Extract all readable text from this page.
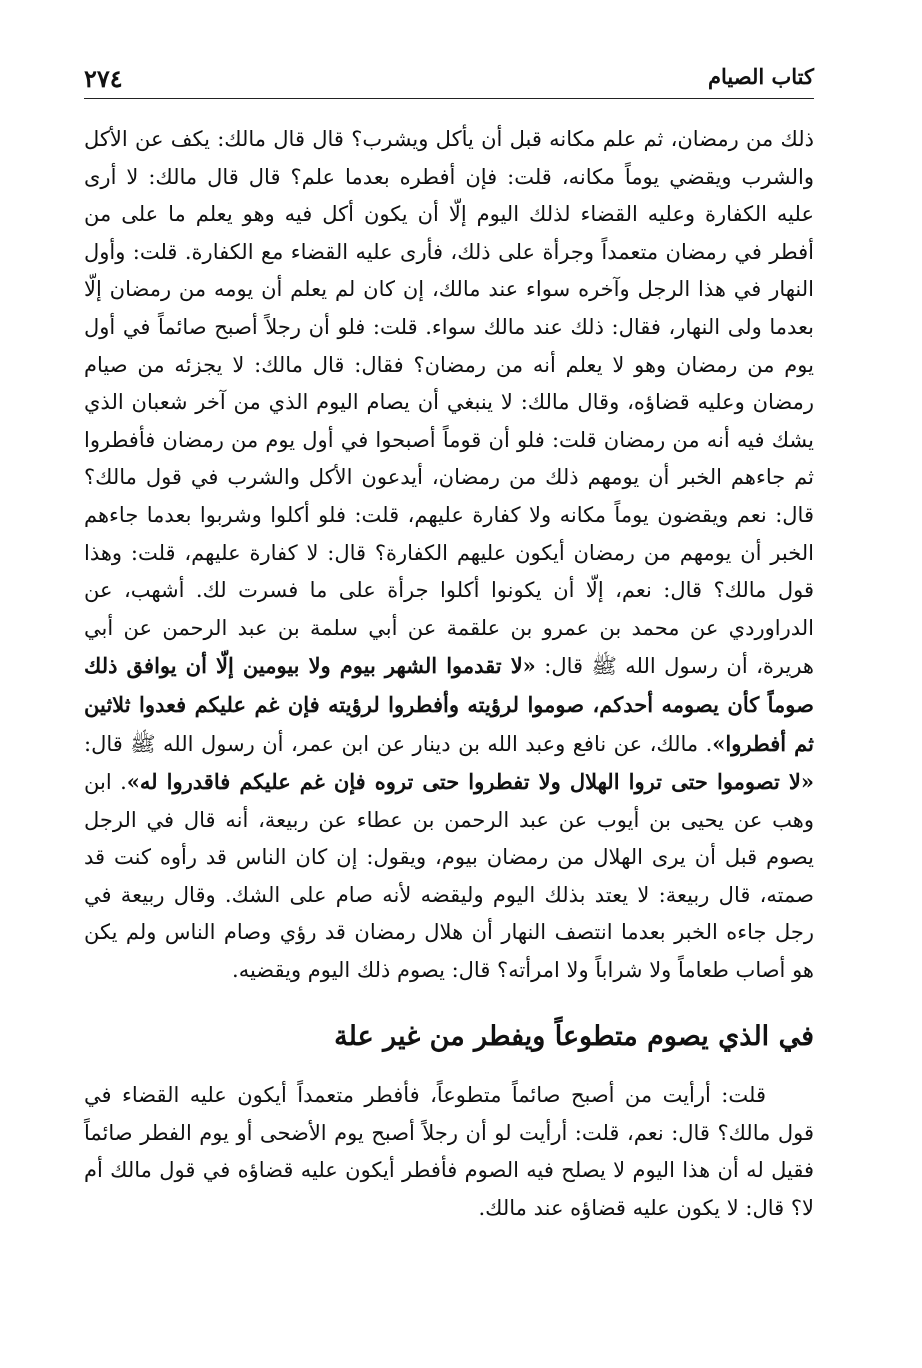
كتاب الصيام
٢٧٤

ذلك من رمضان، ثم علم مكانه قبل أن يأكل ويشرب؟ قال قال مالك: يكف عن الأكل والشرب ويقضي يوماً مكانه، قلت: فإن أفطره بعدما علم؟ قال قال مالك: لا أرى عليه الكفارة وعليه القضاء لذلك اليوم إلّا أن يكون أكل فيه وهو يعلم ما على من أفطر في رمضان متعمداً وجرأة على ذلك، فأرى عليه القضاء مع الكفارة. قلت: وأول النهار في هذا الرجل وآخره سواء عند مالك، إن كان لم يعلم أن يومه من رمضان إلّا بعدما ولى النهار، فقال: ذلك عند مالك سواء. قلت: فلو أن رجلاً أصبح صائماً في أول يوم من رمضان وهو لا يعلم أنه من رمضان؟ فقال: قال مالك: لا يجزئه من صيام رمضان وعليه قضاؤه، وقال مالك: لا ينبغي أن يصام اليوم الذي من آخر شعبان الذي يشك فيه أنه من رمضان قلت: فلو أن قوماً أصبحوا في أول يوم من رمضان فأفطروا ثم جاءهم الخبر أن يومهم ذلك من رمضان، أيدعون الأكل والشرب في قول مالك؟ قال: نعم ويقضون يوماً مكانه ولا كفارة عليهم، قلت: فلو أكلوا وشربوا بعدما جاءهم الخبر أن يومهم من رمضان أيكون عليهم الكفارة؟ قال: لا كفارة عليهم، قلت: وهذا قول مالك؟ قال: نعم، إلّا أن يكونوا أكلوا جرأة على ما فسرت لك. أشهب، عن الدراوردي عن محمد بن عمرو بن علقمة عن أبي سلمة بن عبد الرحمن عن أبي هريرة، أن رسول الله ﷺ قال: «لا تقدموا الشهر بيوم ولا بيومين إلّا أن يوافق ذلك صوماً كأن يصومه أحدكم، صوموا لرؤيته وأفطروا لرؤيته فإن غم عليكم فعدوا ثلاثين ثم أفطروا». مالك، عن نافع وعبد الله بن دينار عن ابن عمر، أن رسول الله ﷺ قال: «لا تصوموا حتى تروا الهلال ولا تفطروا حتى تروه فإن غم عليكم فاقدروا له». ابن وهب عن يحيى بن أيوب عن عبد الرحمن بن عطاء عن ربيعة، أنه قال في الرجل يصوم قبل أن يرى الهلال من رمضان بيوم، ويقول: إن كان الناس قد رأوه كنت قد صمته، قال ربيعة: لا يعتد بذلك اليوم وليقضه لأنه صام على الشك. وقال ربيعة في رجل جاءه الخبر بعدما انتصف النهار أن هلال رمضان قد رؤي وصام الناس ولم يكن هو أصاب طعاماً ولا شراباً ولا امرأته؟ قال: يصوم ذلك اليوم ويقضيه.

في الذي يصوم متطوعاً ويفطر من غير علة

قلت: أرأيت من أصبح صائماً متطوعاً، فأفطر متعمداً أيكون عليه القضاء في قول مالك؟ قال: نعم، قلت: أرأيت لو أن رجلاً أصبح يوم الأضحى أو يوم الفطر صائماً فقيل له أن هذا اليوم لا يصلح فيه الصوم فأفطر أيكون عليه قضاؤه في قول مالك أم لا؟ قال: لا يكون عليه قضاؤه عند مالك.
